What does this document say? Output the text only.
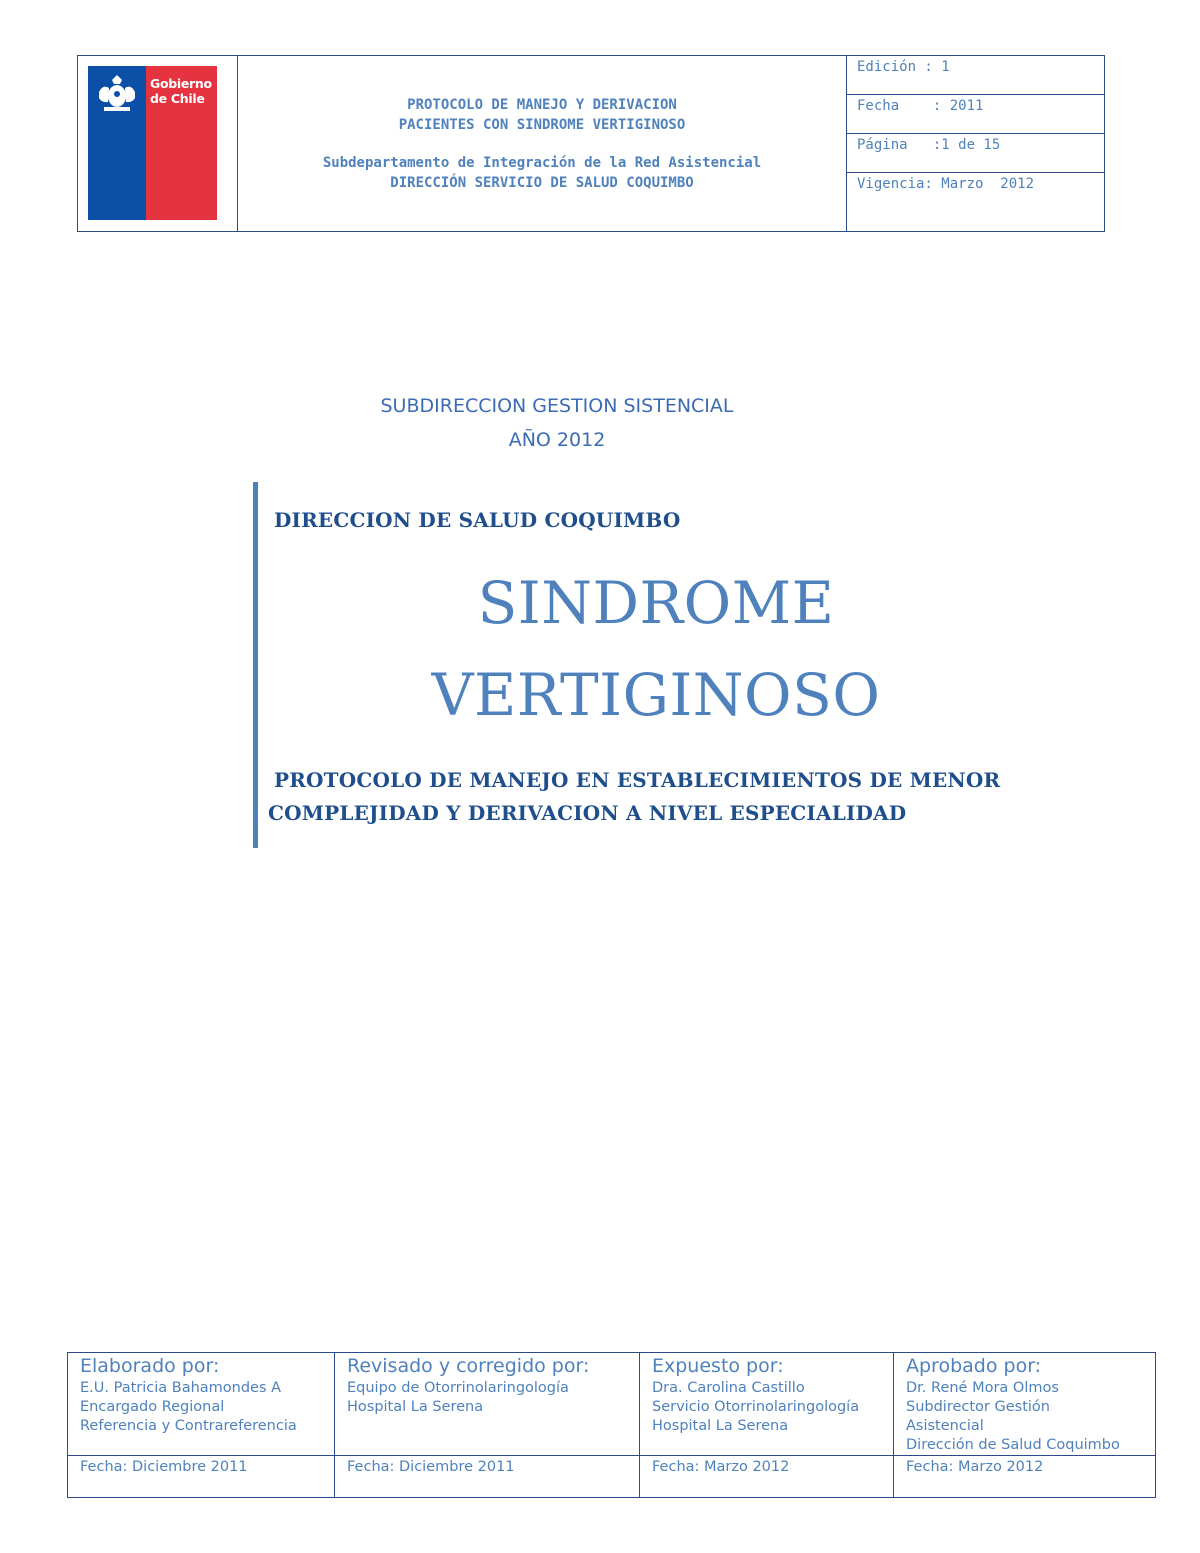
Gobierno
de Chile	PROTOCOLO DE MANEJO Y DERIVACION
PACIENTES CON SINDROME VERTIGINOSO
Subdepartamento de Integración de la Red Asistencial
DIRECCIÓN SERVICIO DE SALUD COQUIMBO
Edición : 1
Fecha    : 2011
Página   :1 de 15
Vigencia: Marzo  2012
SUBDIRECCION GESTION SISTENCIAL
AÑO 2012
DIRECCION DE SALUD COQUIMBO
SINDROME
VERTIGINOSO
PROTOCOLO DE MANEJO EN ESTABLECIMIENTOS DE MENOR
COMPLEJIDAD Y DERIVACION A NIVEL ESPECIALIDAD
Elaborado por:
E.U. Patricia Bahamondes A
Encargado Regional
Referencia y Contrareferencia
Fecha: Diciembre 2011
Revisado y corregido por:
Equipo de Otorrinolaringología
Hospital La Serena
Fecha: Diciembre 2011
Expuesto por:
Dra. Carolina Castillo
Servicio Otorrinolaringología
Hospital La Serena
Fecha: Marzo 2012
Aprobado por:
Dr. René Mora Olmos
Subdirector Gestión
Asistencial
Dirección de Salud Coquimbo
Fecha: Marzo 2012
